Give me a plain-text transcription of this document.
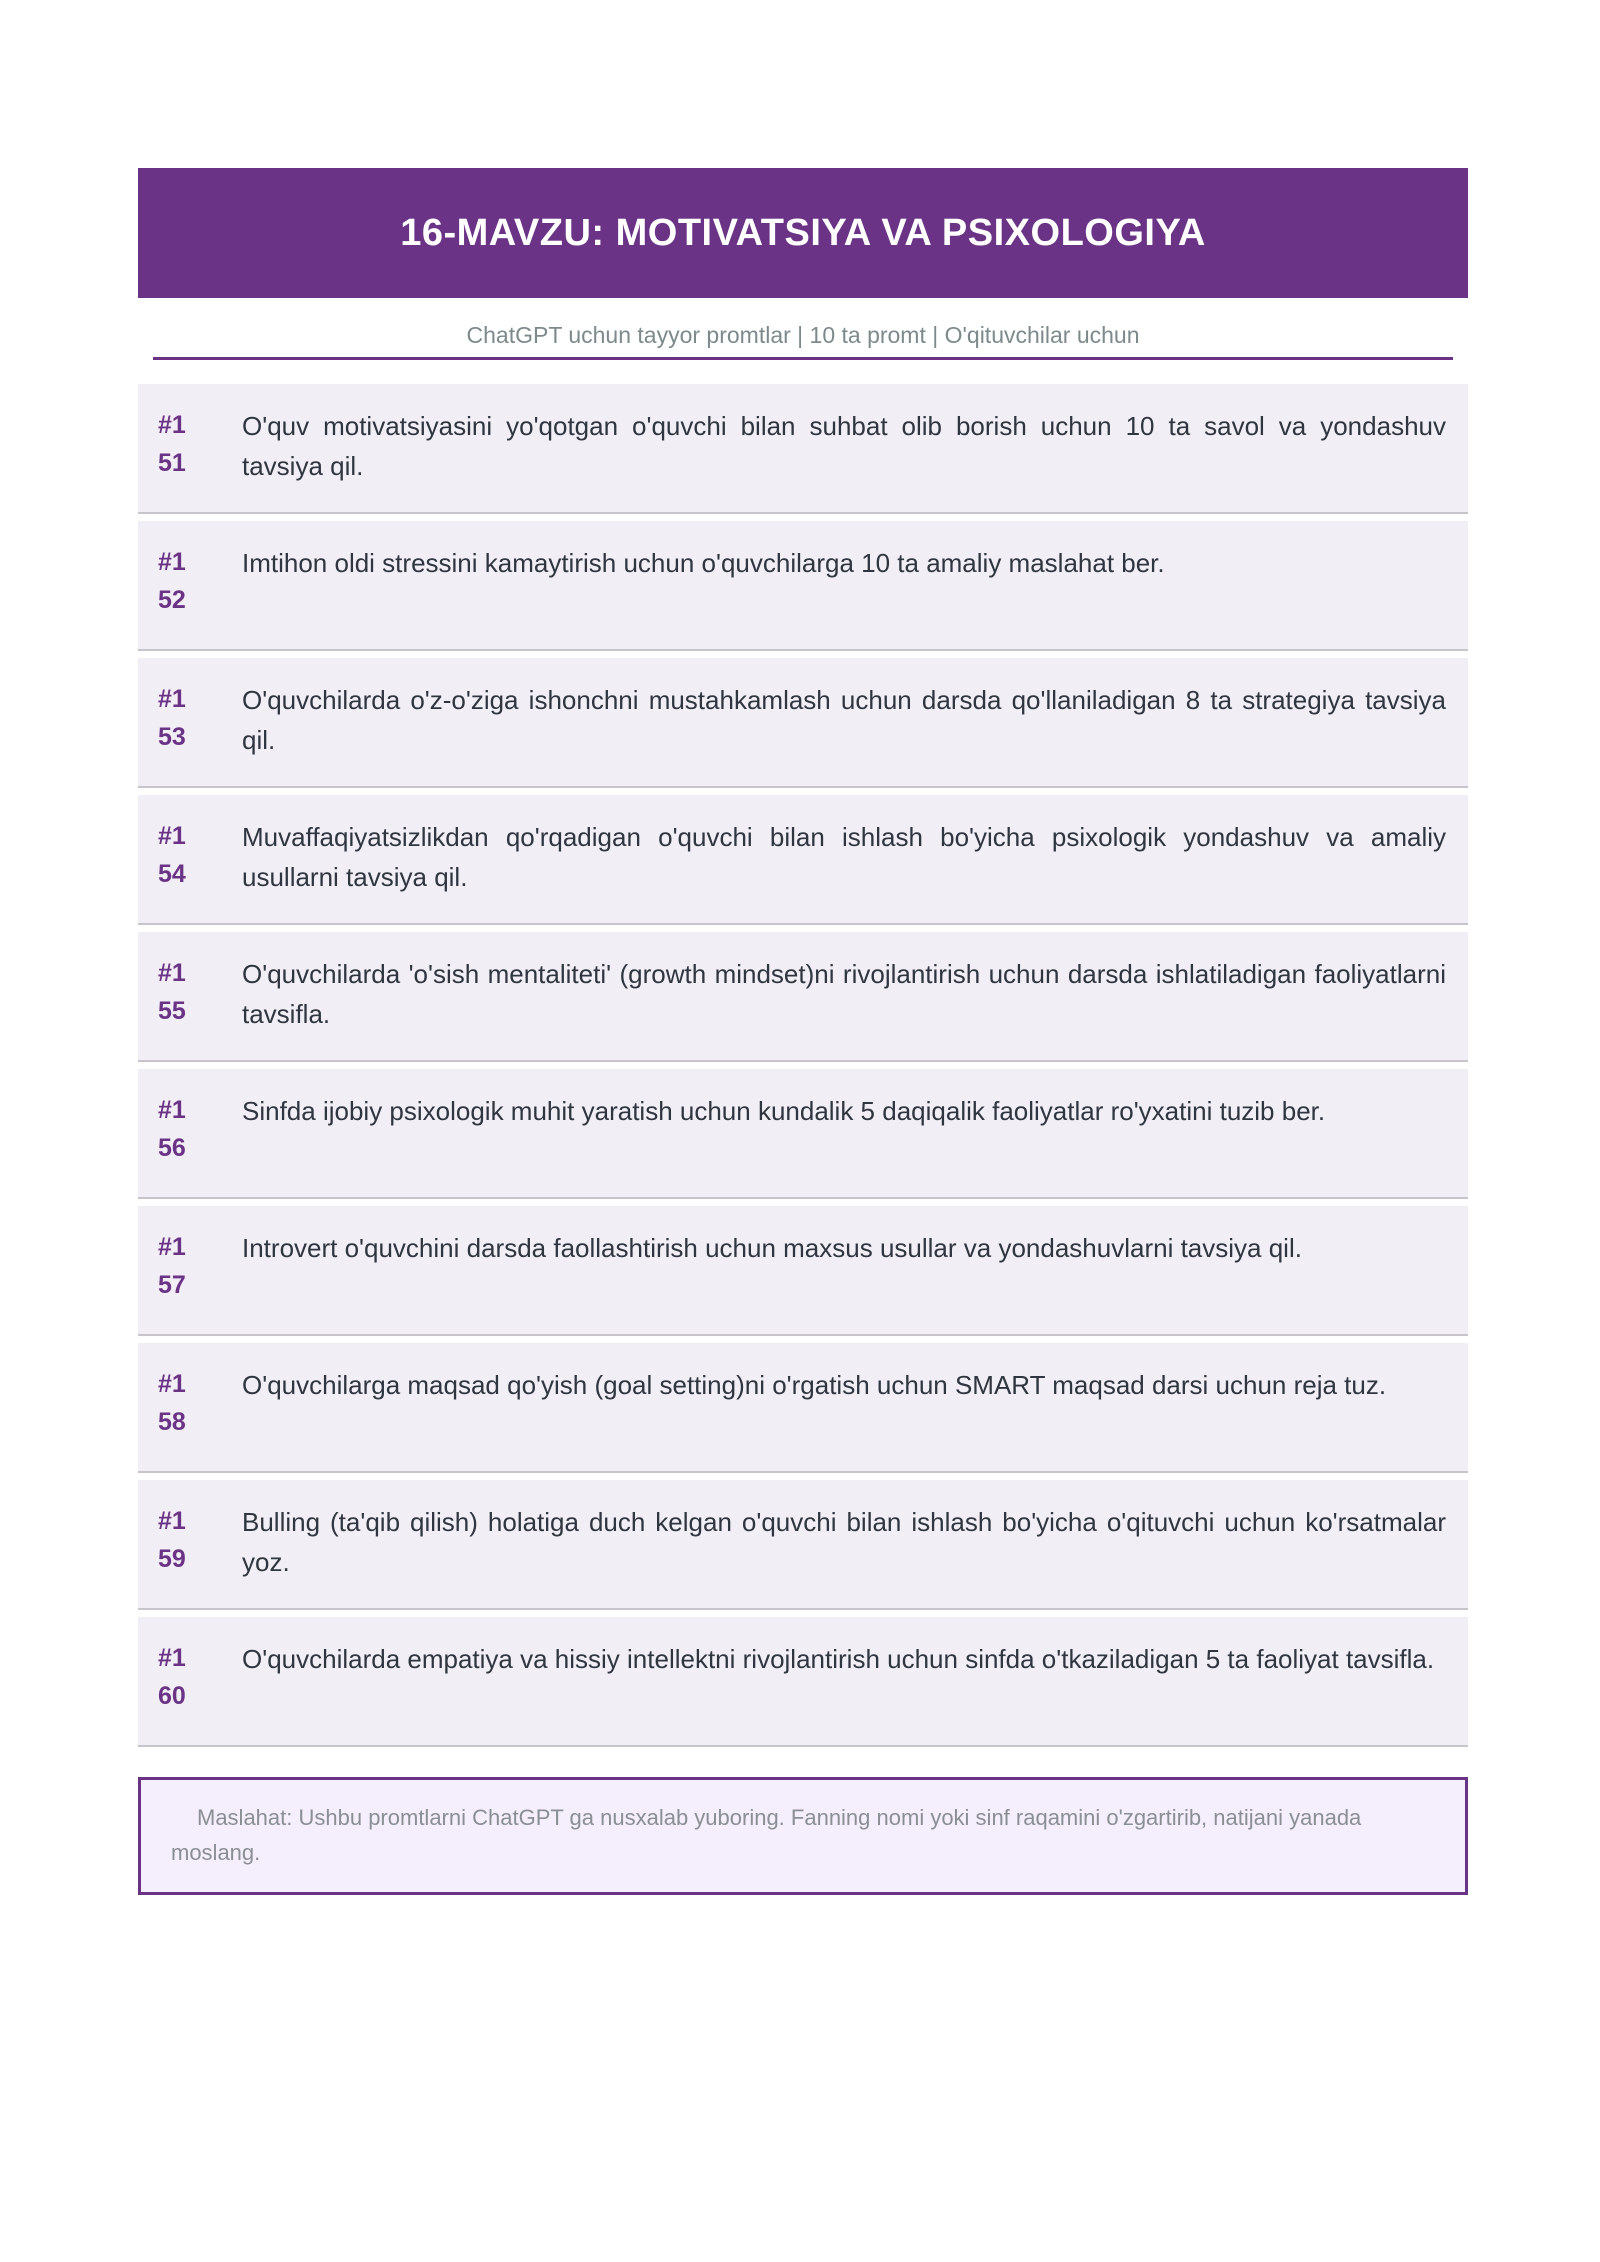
16-MAVZU: MOTIVATSIYA VA PSIXOLOGIYA
ChatGPT uchun tayyor promtlar | 10 ta promt | O'qituvchilar uchun
#1
51
O'quv motivatsiyasini yo'qotgan o'quvchi bilan suhbat olib borish uchun 10 ta savol va yondashuv tavsiya qil.
#1
52
Imtihon oldi stressini kamaytirish uchun o'quvchilarga 10 ta amaliy maslahat ber.
#1
53
O'quvchilarda o'z-o'ziga ishonchni mustahkamlash uchun darsda qo'llaniladigan 8 ta strategiya tavsiya qil.
#1
54
Muvaffaqiyatsizlikdan qo'rqadigan o'quvchi bilan ishlash bo'yicha psixologik yondashuv va amaliy usullarni tavsiya qil.
#1
55
O'quvchilarda 'o'sish mentaliteti' (growth mindset)ni rivojlantirish uchun darsda ishlatiladigan faoliyatlarni tavsifla.
#1
56
Sinfda ijobiy psixologik muhit yaratish uchun kundalik 5 daqiqalik faoliyatlar ro'yxatini tuzib ber.
#1
57
Introvert o'quvchini darsda faollashtirish uchun maxsus usullar va yondashuvlarni tavsiya qil.
#1
58
O'quvchilarga maqsad qo'yish (goal setting)ni o'rgatish uchun SMART maqsad darsi uchun reja tuz.
#1
59
Bulling (ta'qib qilish) holatiga duch kelgan o'quvchi bilan ishlash bo'yicha o'qituvchi uchun ko'rsatmalar yoz.
#1
60
O'quvchilarda empatiya va hissiy intellektni rivojlantirish uchun sinfda o'tkaziladigan 5 ta faoliyat tavsifla.
Maslahat: Ushbu promtlarni ChatGPT ga nusxalab yuboring. Fanning nomi yoki sinf raqamini o'zgartirib, natijani yanada moslang.
